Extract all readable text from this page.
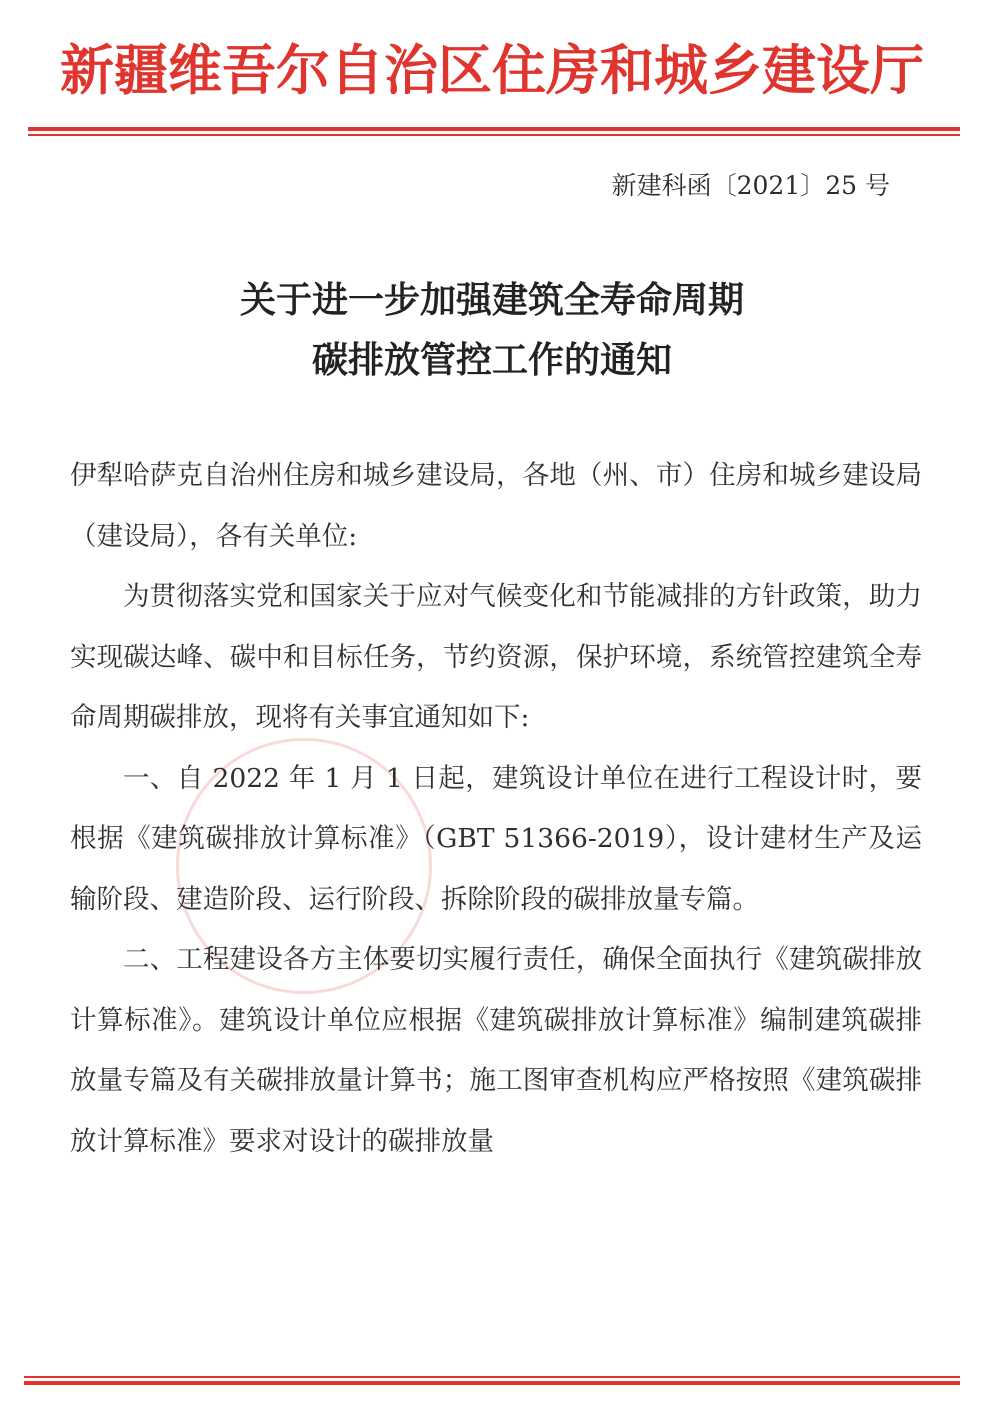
新疆维吾尔自治区住房和城乡建设厅
新建科函〔2021〕25 号
关于进一步加强建筑全寿命周期
碳排放管控工作的通知

伊犁哈萨克自治州住房和城乡建设局，各地（州、市）住房和城乡建设局（建设局），各有关单位:

为贯彻落实党和国家关于应对气候变化和节能减排的方针政策，助力实现碳达峰、碳中和目标任务，节约资源，保护环境，系统管控建筑全寿命周期碳排放，现将有关事宜通知如下:

一、自 2022 年 1 月 1 日起，建筑设计单位在进行工程设计时，要根据《建筑碳排放计算标准》（GBT 51366-2019），设计建材生产及运输阶段、建造阶段、运行阶段、拆除阶段的碳排放量专篇。

二、工程建设各方主体要切实履行责任，确保全面执行《建筑碳排放计算标准》。建筑设计单位应根据《建筑碳排放计算标准》编制建筑碳排放量专篇及有关碳排放量计算书；施工图审查机构应严格按照《建筑碳排放计算标准》要求对设计的碳排放量
